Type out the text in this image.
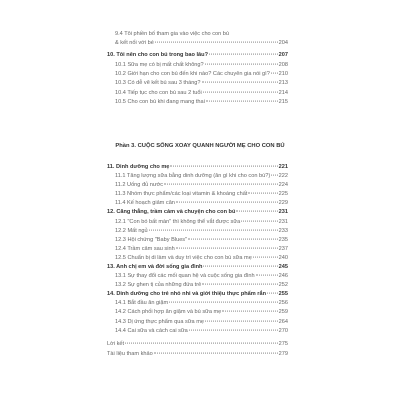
9.4 Tôi phiền bố tham gia vào việc cho con bú
& kết nối với bé	204
10. Tôi nên cho con bú trong bao lâu?	207
10.1 Sữa mẹ có bị mất chất không?	208
10.2 Giới hạn cho con bú đến khi nào? Các chuyên gia nói gì? 210
10.3 Có dễ vẽ kết bú sau 3 tháng?	213
10.4 Tiếp tục cho con bú sau 2 tuổi	214
10.5 Cho con bú khi đang mang thai	215
Phần 3. CUỘC SỐNG XOAY QUANH NGƯỜI MẸ CHO CON BÚ
11. Dinh dưỡng cho mẹ	221
11.1 Tăng lượng sữa bằng dinh dưỡng (ăn gì khi cho con bú?) 222
11.2 Uống đủ nước	224
11.3 Nhóm thực phẩm/các loại vitamin & khoáng chất	225
11.4 Kế hoạch giảm cân	229
12. Căng thẳng, trầm cảm và chuyện cho con bú	231
12.1 "Con bó bất màn" thì không thể vắt được sữa	231
12.2 Mất ngủ	233
12.3 Hội chứng "Baby Blues"	235
12.4 Trầm cảm sau sinh	237
12.5 Chuẩn bị di làm và duy trì việc cho con bú sữa mẹ	240
13. Anh chị em và đời sống gia đình	245
13.1 Sự thay đổi các mối quan hệ và cuộc sống gia đình	246
13.2 Sự ghen tị của những đứa trẻ	252
14. Dinh dưỡng cho trẻ nhỏ nhi và giới thiệu thực phẩm rắn 255
14.1 Bắt đầu ăn giặm	256
14.2 Cách phối hợp ăn giặm và bú sữa mẹ	259
14.3 Dị ứng thực phẩm qua sữa mẹ	264
14.4 Cai sữa và cách cai sữa	270
Lời kết	275
Tài liệu tham khảo	279
